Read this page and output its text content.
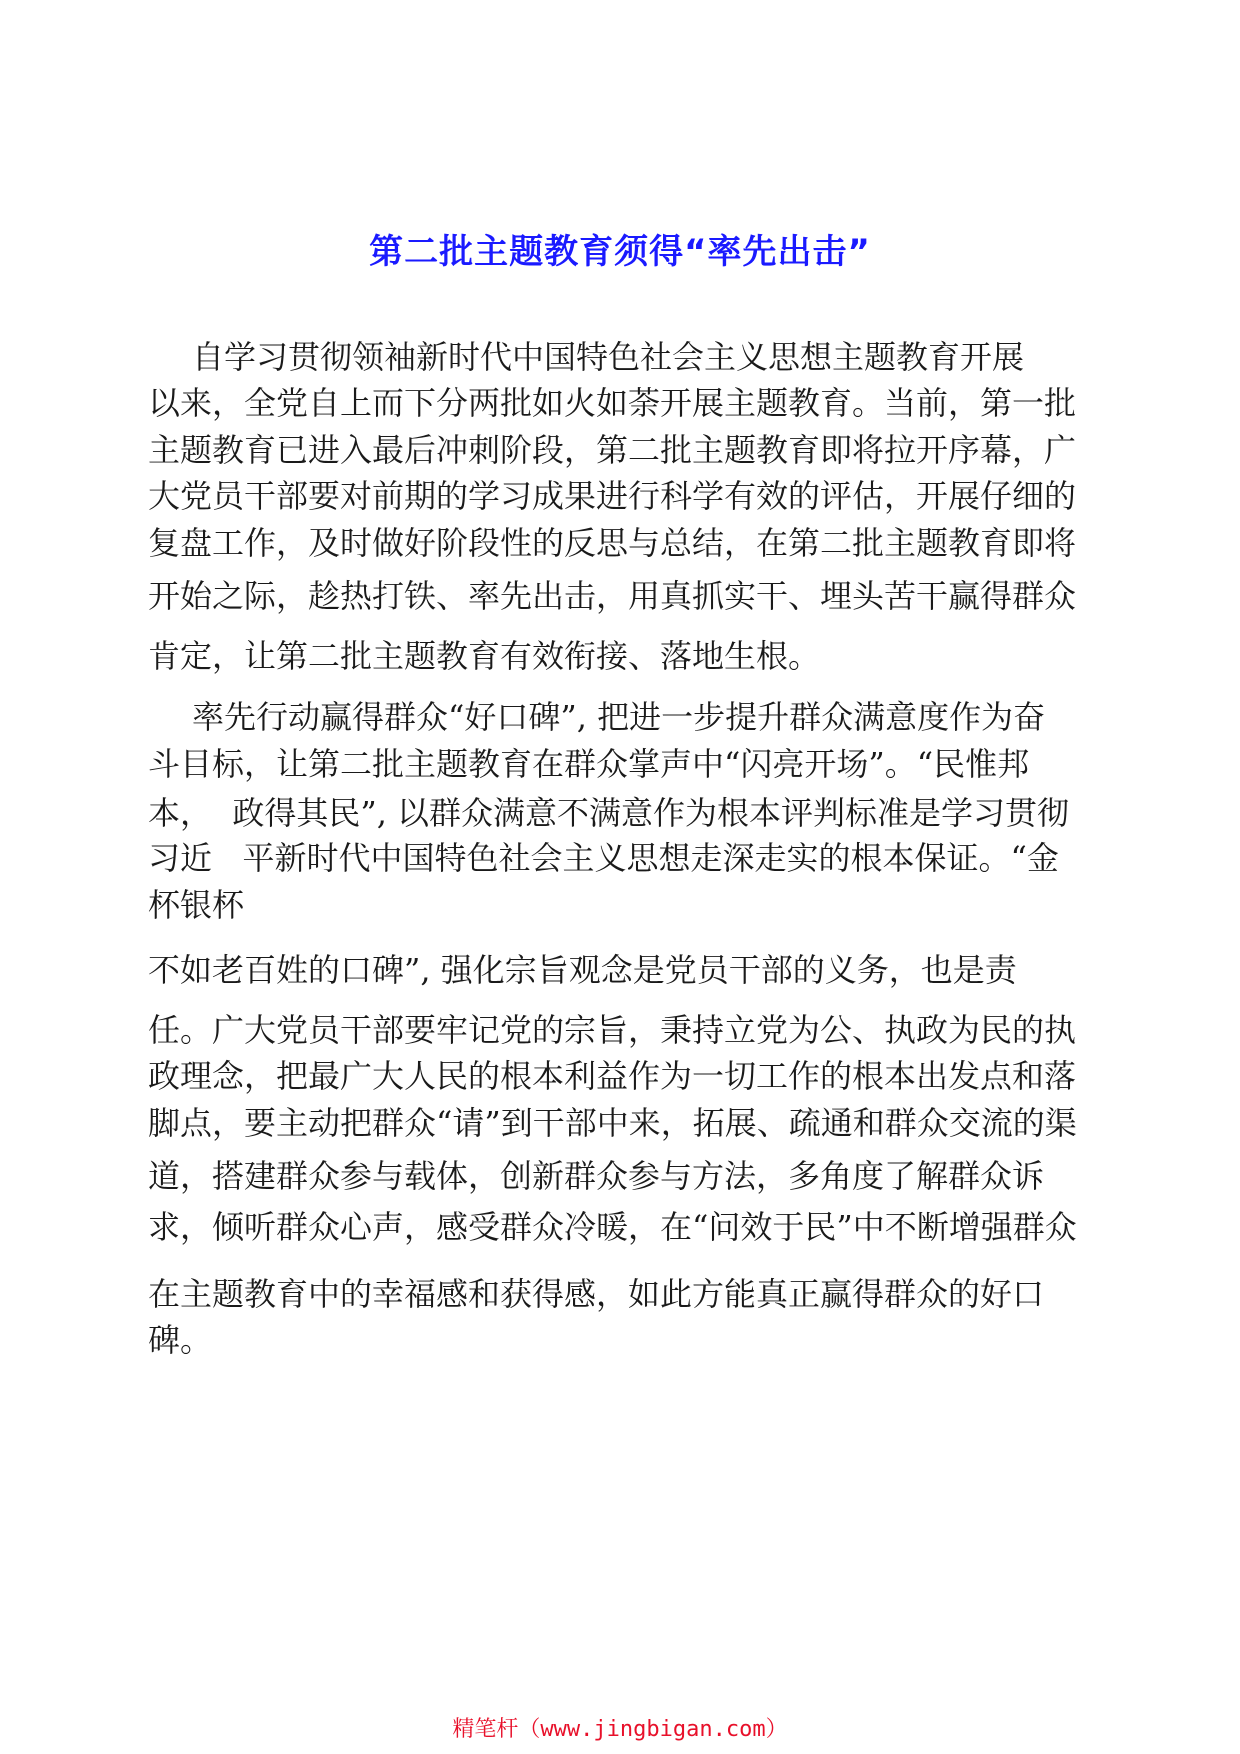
第二批主题教育须得“率先出击”
自学习贯彻领袖新时代中国特色社会主义思想主题教育开展
以来，全党自上而下分两批如火如荼开展主题教育。当前，第一批
主题教育已进入最后冲刺阶段，第二批主题教育即将拉开序幕，广
大党员干部要对前期的学习成果进行科学有效的评估，开展仔细的
复盘工作，及时做好阶段性的反思与总结，在第二批主题教育即将
开始之际，趁热打铁、率先出击，用真抓实干、埋头苦干赢得群众
肯定，让第二批主题教育有效衔接、落地生根。
率先行动赢得群众“好口碑”, 把进一步提升群众满意度作为奋
斗目标，让第二批主题教育在群众掌声中“闪亮开场”。“民惟邦
本，  政得其民”, 以群众满意不满意作为根本评判标准是学习贯彻
习近   平新时代中国特色社会主义思想走深走实的根本保证。“金
杯银杯
不如老百姓的口碑”, 强化宗旨观念是党员干部的义务，也是责
任。广大党员干部要牢记党的宗旨，秉持立党为公、执政为民的执
政理念，把最广大人民的根本利益作为一切工作的根本出发点和落
脚点，要主动把群众“请”到干部中来，拓展、疏通和群众交流的渠
道，搭建群众参与载体，创新群众参与方法，多角度了解群众诉
求，倾听群众心声，感受群众冷暖，在“问效于民”中不断增强群众
在主题教育中的幸福感和获得感，如此方能真正赢得群众的好口
碑。
精笔杆（www.jingbigan.com）
